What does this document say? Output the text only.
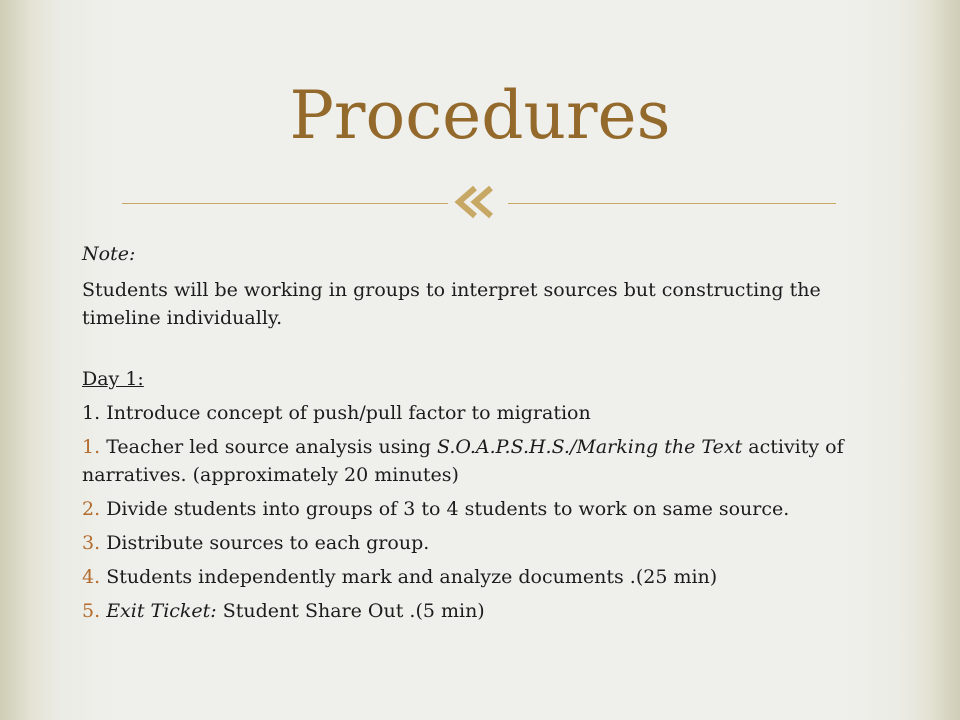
Procedures

Note:

Students will be working in groups to interpret sources but constructing the timeline individually.

Day 1:

1. Introduce concept of push/pull factor to migration

1. Teacher led source analysis using S.O.A.P.S.H.S./Marking the Text activity of narratives. (approximately 20 minutes)

2. Divide students into groups of 3 to 4 students to work on same source.

3. Distribute sources to each group.

4. Students independently mark and analyze documents .(25 min)

5. Exit Ticket: Student Share Out .(5 min)
